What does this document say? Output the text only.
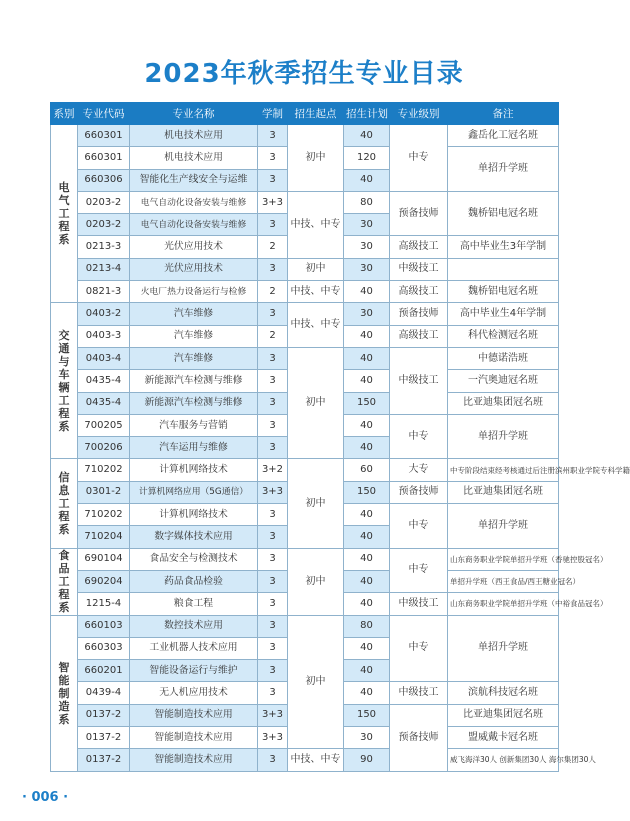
2023年秋季招生专业目录
系别	专业代码	专业名称	学制	招生起点	招生计划	专业级别	备注
电气工程系	660301	机电技术应用	3	初中	40	中专	鑫岳化工冠名班
	660301	机电技术应用	3		120		单招升学班
	660306	智能化生产线安全与运维	3		40		
	0203-2	电气自动化设备安装与维修	3+3	中技、中专	80	预备技师	魏桥铝电冠名班
	0203-2	电气自动化设备安装与维修	3		30		
	0213-3	光伏应用技术	2		30	高级技工	高中毕业生3年学制
	0213-4	光伏应用技术	3	初中	30	中级技工	
	0821-3	火电厂热力设备运行与检修	2	中技、中专	40	高级技工	魏桥铝电冠名班
交通与车辆工程系	0403-2	汽车维修	3	中技、中专	30	预备技师	高中毕业生4年学制
	0403-3	汽车维修	2		40	高级技工	科代检测冠名班
	0403-4	汽车维修	3	初中	40	中级技工	中德诺浩班
	0435-4	新能源汽车检测与维修	3		40		一汽奥迪冠名班
	0435-4	新能源汽车检测与维修	3		150		比亚迪集团冠名班
	700205	汽车服务与营销	3		40	中专	单招升学班
	700206	汽车运用与维修	3		40		
信息工程系	710202	计算机网络技术	3+2	初中	60	大专	中专阶段结束经考核通过后注册滨州职业学院专科学籍
	0301-2	计算机网络应用（5G通信）	3+3		150	预备技师	比亚迪集团冠名班
	710202	计算机网络技术	3		40	中专	单招升学班
	710204	数字媒体技术应用	3		40		
食品工程系	690104	食品安全与检测技术	3	初中	40	中专	山东商务职业学院单招升学班（香驰控股冠名）
	690204	药品食品检验	3		40		单招升学班（西王食品/西王糖业冠名）
	1215-4	粮食工程	3		40	中级技工	山东商务职业学院单招升学班（中裕食品冠名）
智能制造系	660103	数控技术应用	3	初中	80	中专	单招升学班
	660303	工业机器人技术应用	3		40		
	660201	智能设备运行与维护	3		40		
	0439-4	无人机应用技术	3		40	中级技工	滨航科技冠名班
	0137-2	智能制造技术应用	3+3		150	预备技师	比亚迪集团冠名班
	0137-2	智能制造技术应用	3+3		30		盟威戴卡冠名班
	0137-2	智能制造技术应用	3	中技、中专	90		威飞海洋30人 创新集团30人 海尔集团30人
· 006 ·
